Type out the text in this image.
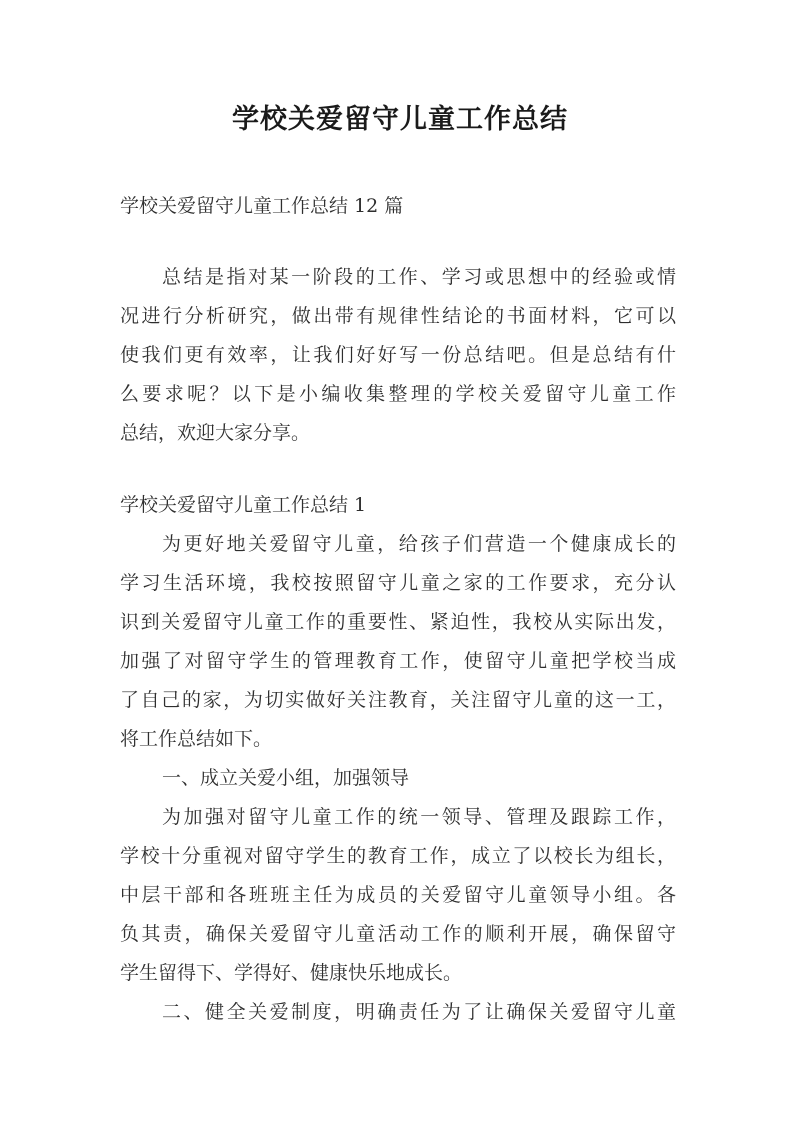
学校关爱留守儿童工作总结
学校关爱留守儿童工作总结 12 篇
总结是指对某一阶段的工作、学习或思想中的经验或情
况进行分析研究，做出带有规律性结论的书面材料，它可以
使我们更有效率，让我们好好写一份总结吧。但是总结有什
么要求呢？以下是小编收集整理的学校关爱留守儿童工作
总结，欢迎大家分享。
学校关爱留守儿童工作总结 1
为更好地关爱留守儿童，给孩子们营造一个健康成长的
学习生活环境，我校按照留守儿童之家的工作要求，充分认
识到关爱留守儿童工作的重要性、紧迫性，我校从实际出发，
加强了对留守学生的管理教育工作，使留守儿童把学校当成
了自己的家，为切实做好关注教育，关注留守儿童的这一工，
将工作总结如下。
一、成立关爱小组，加强领导
为加强对留守儿童工作的统一领导、管理及跟踪工作，
学校十分重视对留守学生的教育工作，成立了以校长为组长，
中层干部和各班班主任为成员的关爱留守儿童领导小组。各
负其责，确保关爱留守儿童活动工作的顺利开展，确保留守
学生留得下、学得好、健康快乐地成长。
二、健全关爱制度，明确责任为了让确保关爱留守儿童
